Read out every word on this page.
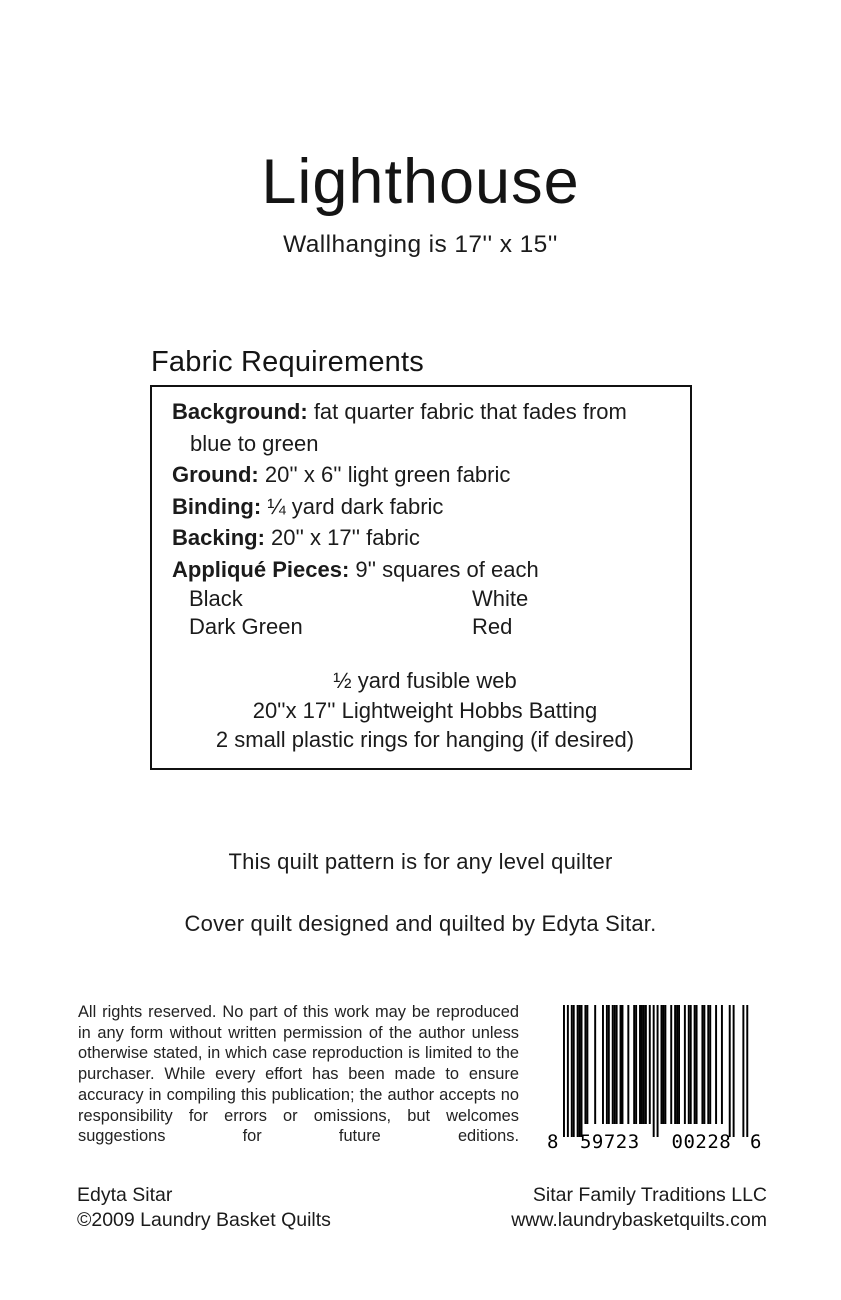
Lighthouse
Wallhanging is 17'' x 15''
Fabric Requirements
Background: fat quarter fabric that fades from
blue to green
Ground: 20'' x 6'' light green fabric
Binding: ¼ yard dark fabric
Backing: 20'' x 17'' fabric
Appliqué Pieces: 9'' squares of each
Black	White
Dark Green	Red
½ yard fusible web
20''x 17'' Lightweight Hobbs Batting
2 small plastic rings for hanging (if desired)

This quilt pattern is for any level quilter

Cover quilt designed and quilted by Edyta Sitar.

All rights reserved. No part of this work may be reproduced in any form without written permission of the author unless otherwise stated, in which case reproduction is limited to the purchaser. While every effort has been made to ensure accuracy in compiling this publication; the author accepts no responsibility for errors or omissions, but welcomes suggestions for future editions. 8 59723 00228 6
Edyta Sitar
©2009 Laundry Basket Quilts
Sitar Family Traditions LLC
www.laundrybasketquilts.com
